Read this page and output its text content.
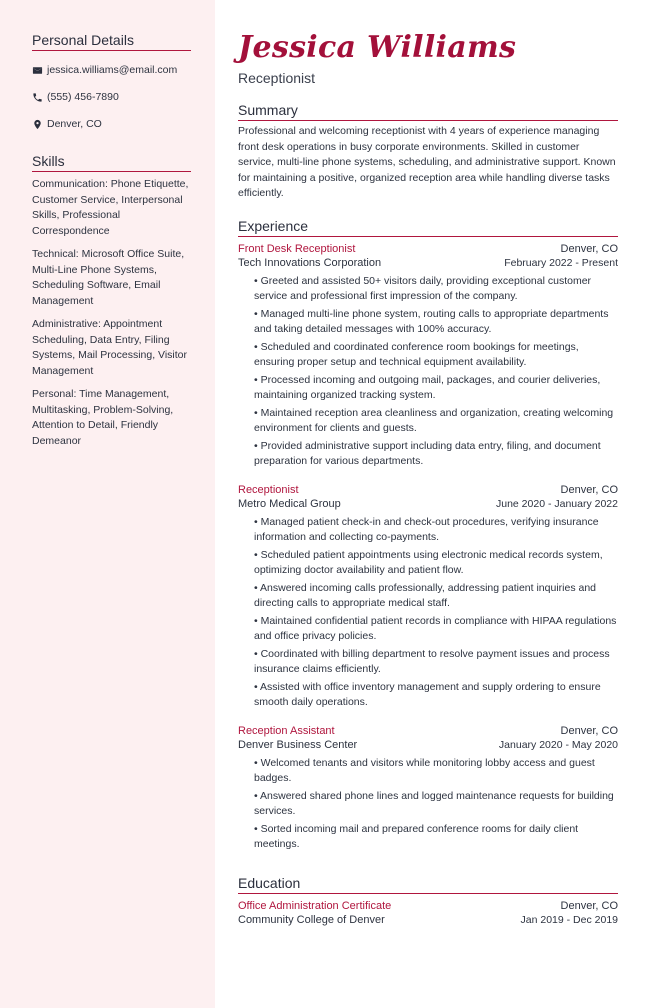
Personal Details
jessica.williams@email.com
(555) 456-7890
Denver, CO
Skills

Communication: Phone Etiquette, Customer Service, Interpersonal Skills, Professional Correspondence

Technical: Microsoft Office Suite, Multi-Line Phone Systems, Scheduling Software, Email Management

Administrative: Appointment Scheduling, Data Entry, Filing Systems, Mail Processing, Visitor Management

Personal: Time Management, Multitasking, Problem-Solving, Attention to Detail, Friendly Demeanor

Jessica Williams
Receptionist
Summary

Professional and welcoming receptionist with 4 years of experience managing front desk operations in busy corporate environments. Skilled in customer service, multi-line phone systems, scheduling, and administrative support. Known for maintaining a positive, organized reception area while handling diverse tasks efficiently.

Experience
Front Desk Receptionist	Denver, CO
Tech Innovations Corporation	February 2022 - Present
• Greeted and assisted 50+ visitors daily, providing exceptional customer service and professional first impression of the company.
• Managed multi-line phone system, routing calls to appropriate departments and taking detailed messages with 100% accuracy.
• Scheduled and coordinated conference room bookings for meetings, ensuring proper setup and technical equipment availability.
• Processed incoming and outgoing mail, packages, and courier deliveries, maintaining organized tracking system.
• Maintained reception area cleanliness and organization, creating welcoming environment for clients and guests.
• Provided administrative support including data entry, filing, and document preparation for various departments.
Receptionist	Denver, CO
Metro Medical Group	June 2020 - January 2022
• Managed patient check-in and check-out procedures, verifying insurance information and collecting co-payments.
• Scheduled patient appointments using electronic medical records system, optimizing doctor availability and patient flow.
• Answered incoming calls professionally, addressing patient inquiries and directing calls to appropriate medical staff.
• Maintained confidential patient records in compliance with HIPAA regulations and office privacy policies.
• Coordinated with billing department to resolve payment issues and process insurance claims efficiently.
• Assisted with office inventory management and supply ordering to ensure smooth daily operations.
Reception Assistant	Denver, CO
Denver Business Center	January 2020 - May 2020
• Welcomed tenants and visitors while monitoring lobby access and guest badges.
• Answered shared phone lines and logged maintenance requests for building services.
• Sorted incoming mail and prepared conference rooms for daily client meetings.
Education
Office Administration Certificate	Denver, CO
Community College of Denver	Jan 2019 - Dec 2019
